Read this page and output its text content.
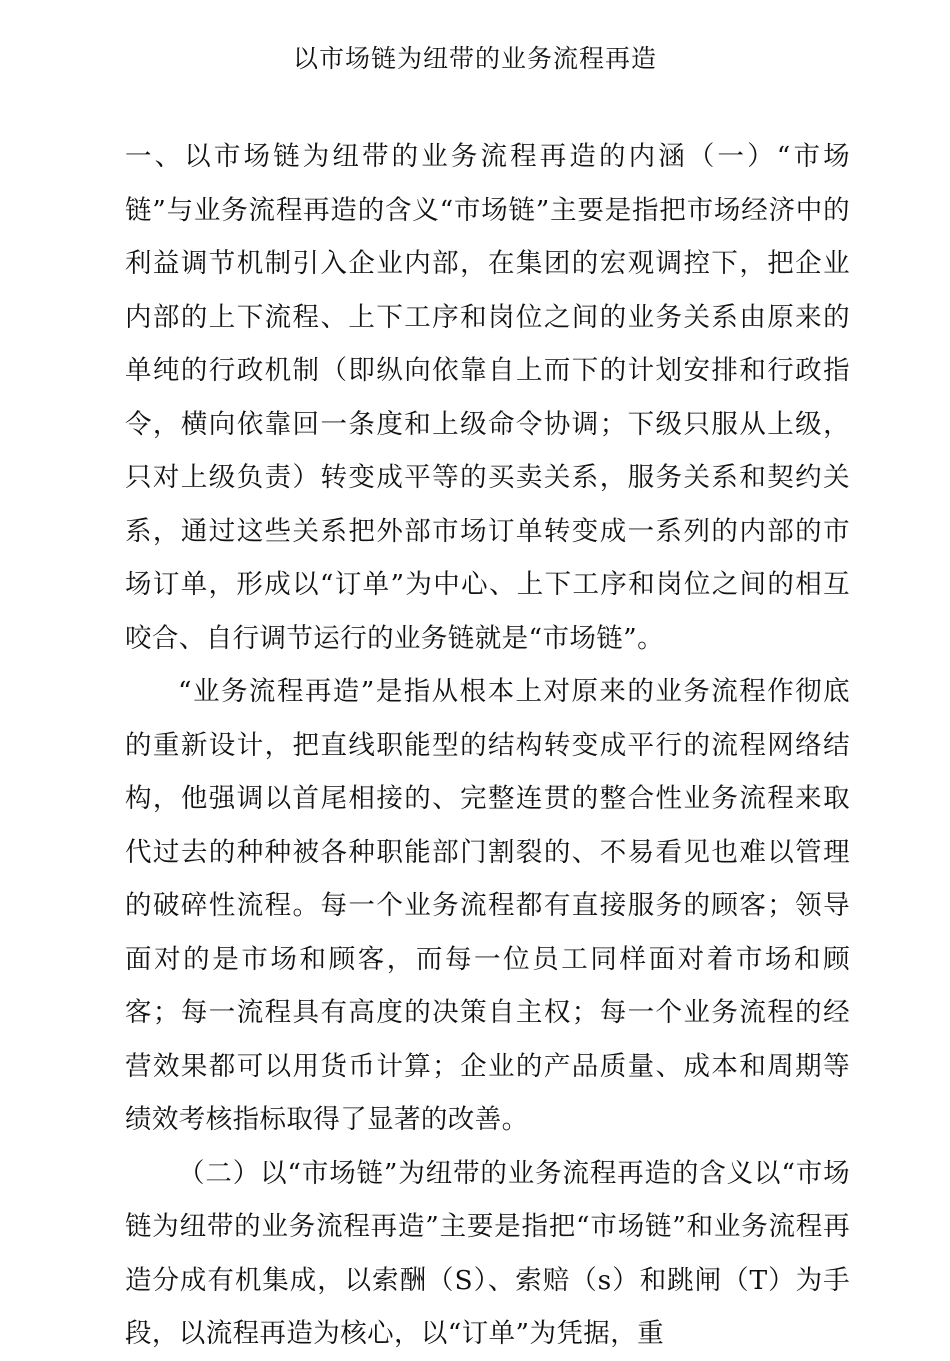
以市场链为纽带的业务流程再造

一、以市场链为纽带的业务流程再造的内涵（一）“市场链”与业务流程再造的含义“市场链”主要是指把市场经济中的利益调节机制引入企业内部，在集团的宏观调控下，把企业内部的上下流程、上下工序和岗位之间的业务关系由原来的单纯的行政机制（即纵向依靠自上而下的计划安排和行政指令，横向依靠回一条度和上级命令协调；下级只服从上级，只对上级负责）转变成平等的买卖关系，服务关系和契约关系，通过这些关系把外部市场订单转变成一系列的内部的市场订单，形成以“订单”为中心、上下工序和岗位之间的相互咬合、自行调节运行的业务链就是“市场链”。

“业务流程再造”是指从根本上对原来的业务流程作彻底的重新设计，把直线职能型的结构转变成平行的流程网络结构，他强调以首尾相接的、完整连贯的整合性业务流程来取代过去的种种被各种职能部门割裂的、不易看见也难以管理的破碎性流程。每一个业务流程都有直接服务的顾客；领导面对的是市场和顾客，而每一位员工同样面对着市场和顾客；每一流程具有高度的决策自主权；每一个业务流程的经营效果都可以用货币计算；企业的产品质量、成本和周期等绩效考核指标取得了显著的改善。

（二）以“市场链”为纽带的业务流程再造的含义以“市场链为纽带的业务流程再造”主要是指把“市场链”和业务流程再造分成有机集成，以索酬（S）、索赔（s）和跳闸（T）为手段，以流程再造为核心，以“订单”为凭据，重
